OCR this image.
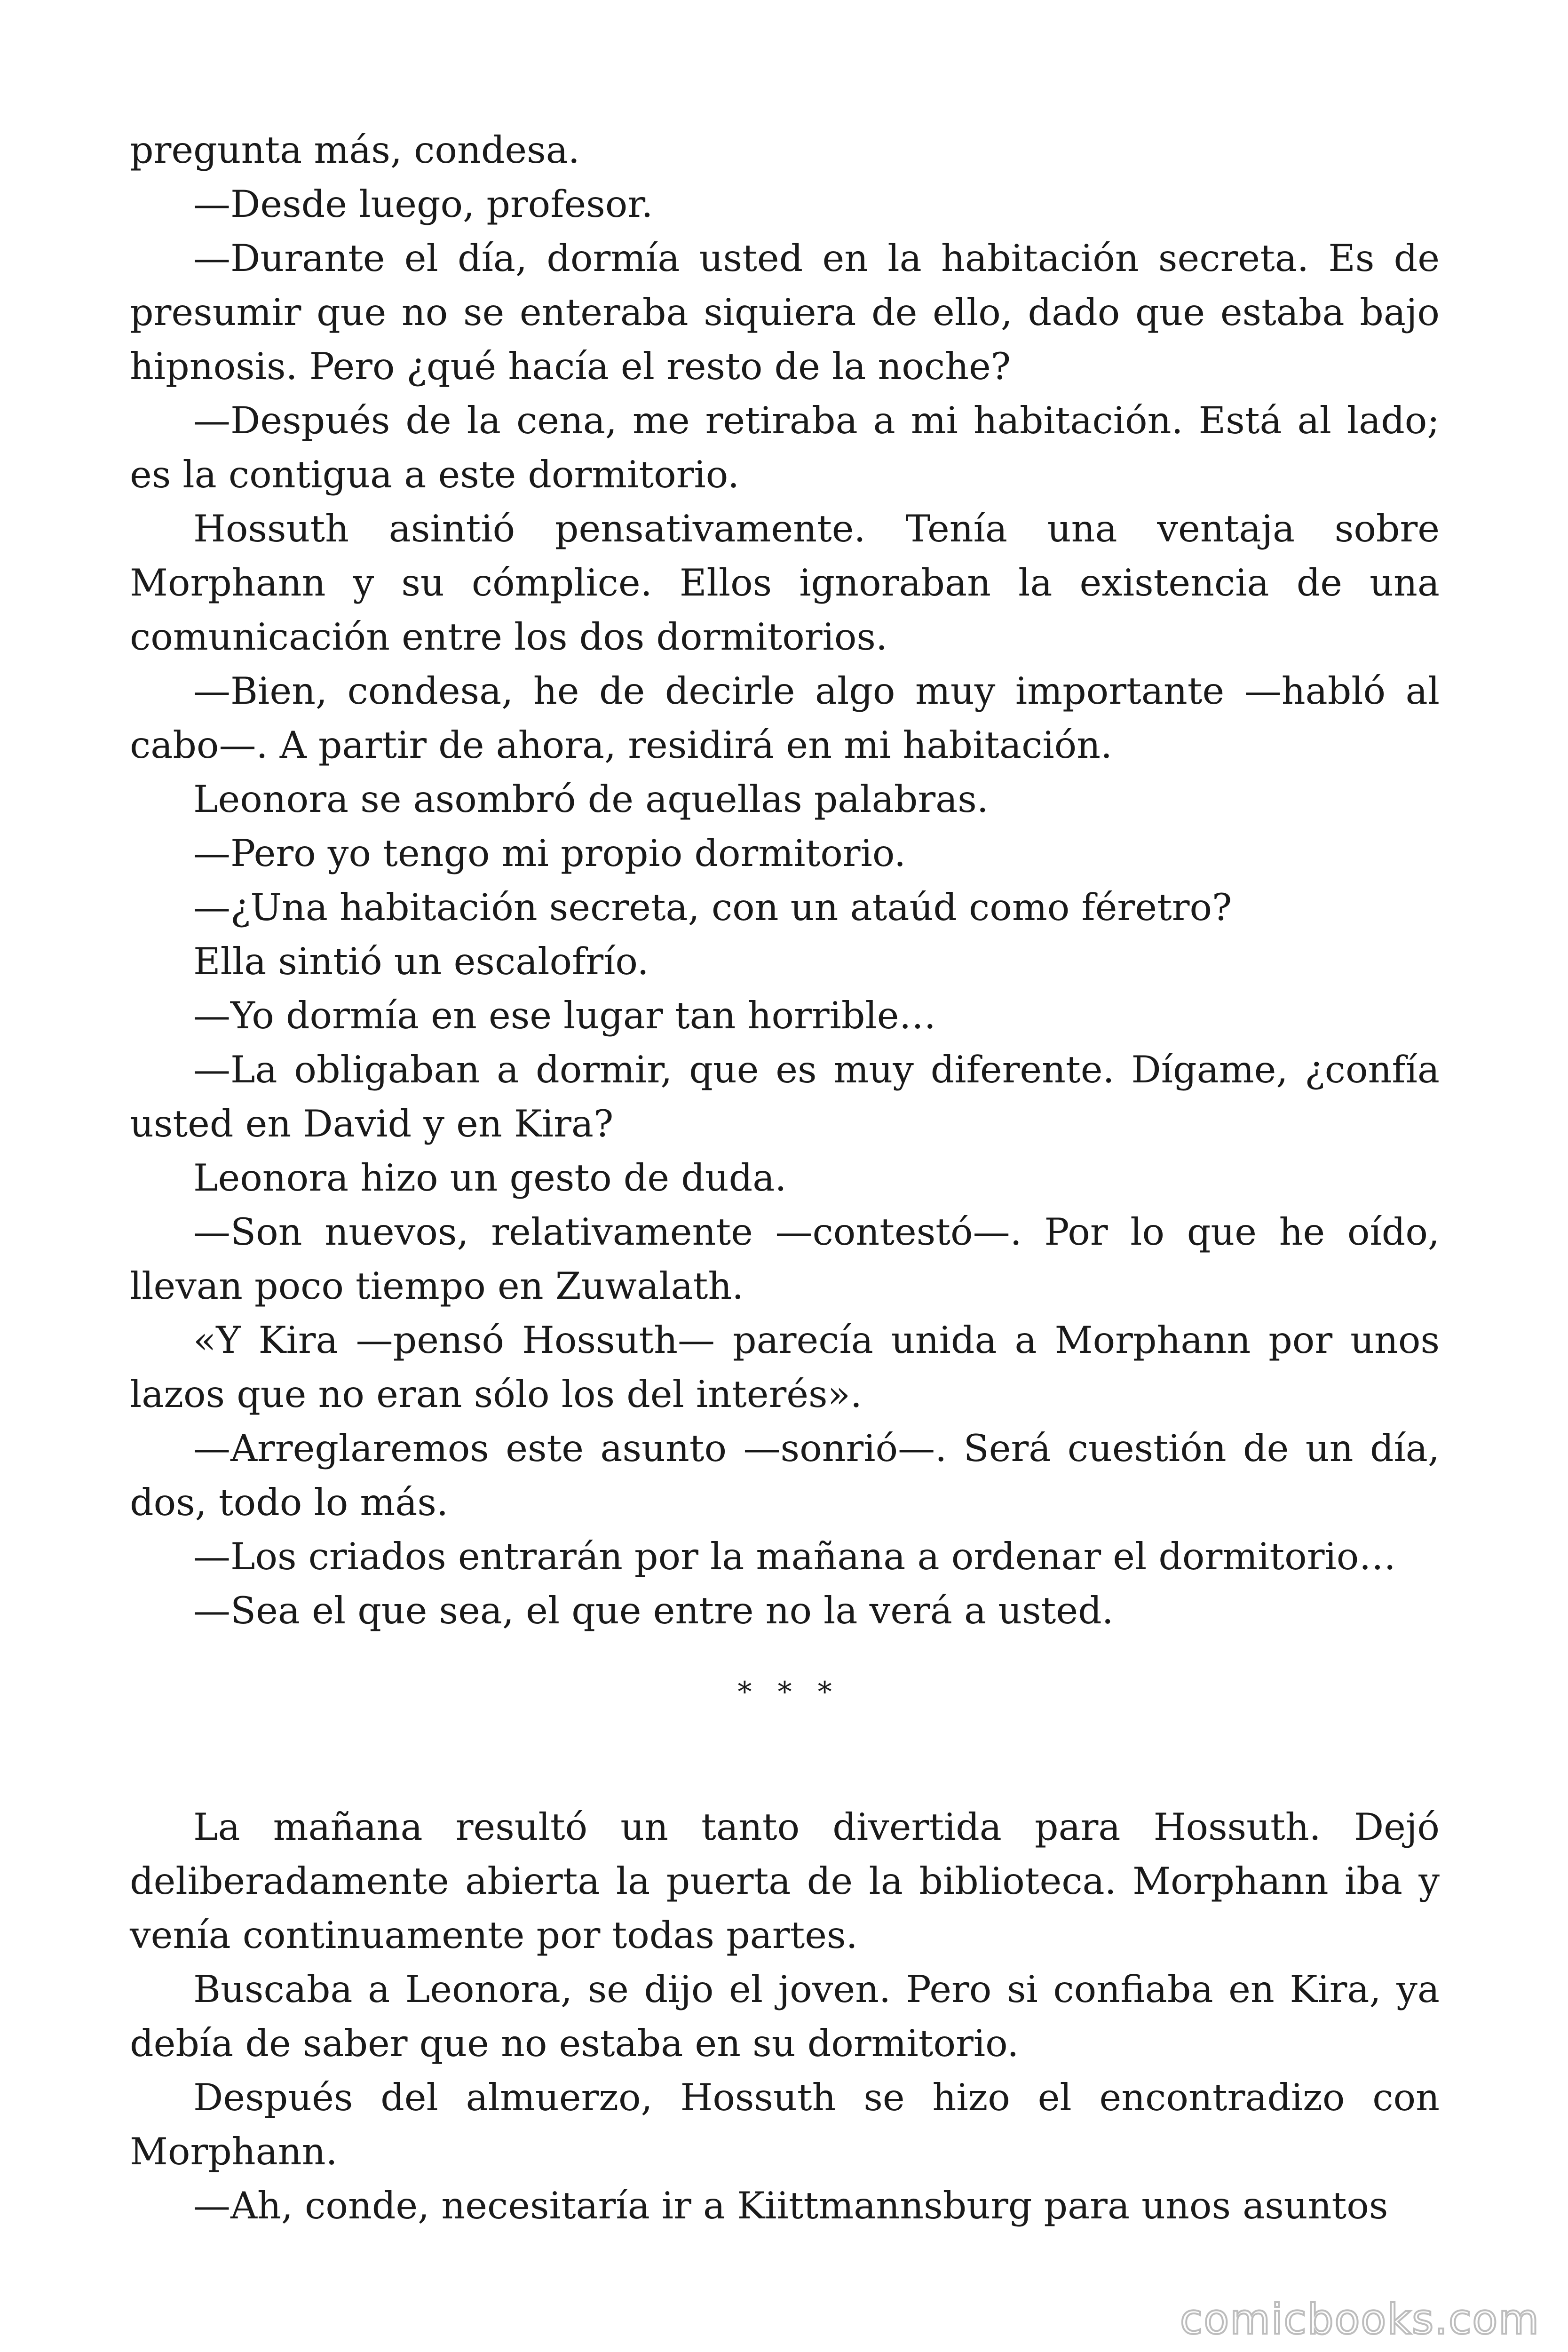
pregunta más, condesa.

—Desde luego, profesor.

—Durante el día, dormía usted en la habitación secreta. Es de presumir que no se enteraba siquiera de ello, dado que estaba bajo hipnosis. Pero ¿qué hacía el resto de la noche?

—Después de la cena, me retiraba a mi habitación. Está al lado; es la contigua a este dormitorio.

Hossuth asintió pensativamente. Tenía una ventaja sobre Morphann y su cómplice. Ellos ignoraban la existencia de una comunicación entre los dos dormitorios.

—Bien, condesa, he de decirle algo muy importante —habló al cabo—. A partir de ahora, residirá en mi habitación.

Leonora se asombró de aquellas palabras.

—Pero yo tengo mi propio dormitorio.

—¿Una habitación secreta, con un ataúd como féretro?

Ella sintió un escalofrío.

—Yo dormía en ese lugar tan horrible…

—La obligaban a dormir, que es muy diferente. Dígame, ¿confía usted en David y en Kira?

Leonora hizo un gesto de duda.

—Son nuevos, relativamente —contestó—. Por lo que he oído, llevan poco tiempo en Zuwalath.

«Y Kira —pensó Hossuth— parecía unida a Morphann por unos lazos que no eran sólo los del interés».

—Arreglaremos este asunto —sonrió—. Será cuestión de un día, dos, todo lo más.

—Los criados entrarán por la mañana a ordenar el dormitorio…

—Sea el que sea, el que entre no la verá a usted.

* * *

La mañana resultó un tanto divertida para Hossuth. Dejó deliberadamente abierta la puerta de la biblioteca. Morphann iba y venía continuamente por todas partes.

Buscaba a Leonora, se dijo el joven. Pero si confiaba en Kira, ya debía de saber que no estaba en su dormitorio.

Después del almuerzo, Hossuth se hizo el encontradizo con Morphann.

—Ah, conde, necesitaría ir a Kiittmannsburg para unos asuntos

comicbooks.com
